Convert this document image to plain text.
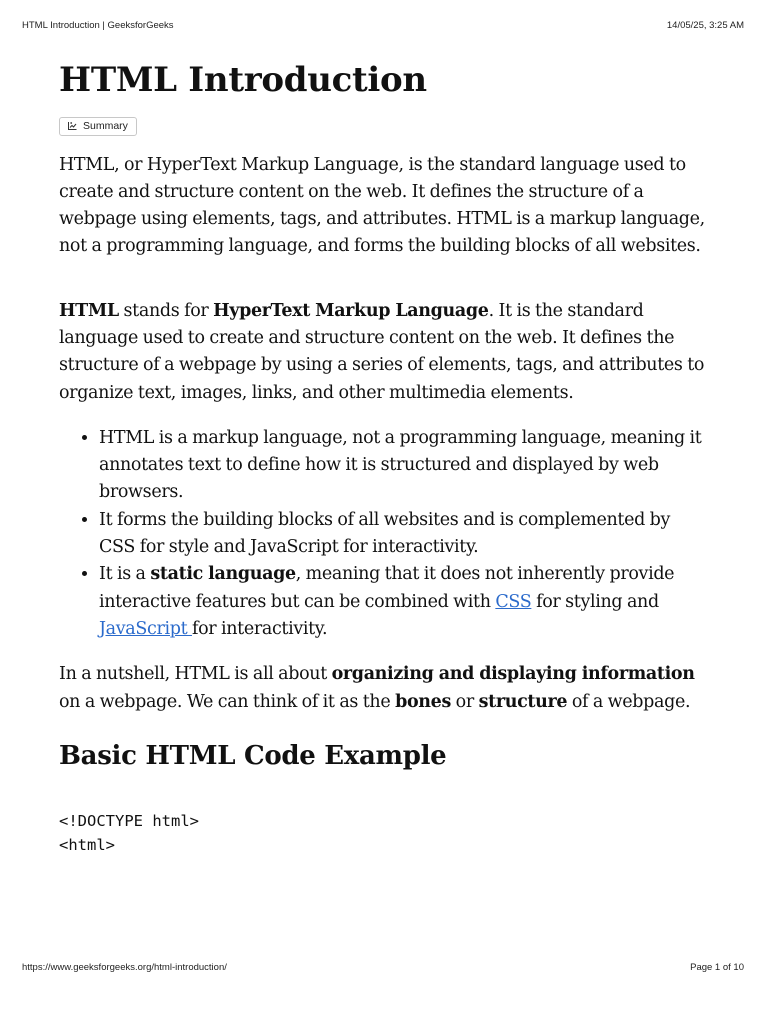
HTML Introduction | GeeksforGeeks	14/05/25, 3:25 AM
HTML Introduction
Summary

HTML, or HyperText Markup Language, is the standard language used to create and structure content on the web. It defines the structure of a webpage using elements, tags, and attributes. HTML is a markup language, not a programming language, and forms the building blocks of all websites.

HTML stands for HyperText Markup Language. It is the standard language used to create and structure content on the web. It defines the structure of a webpage by using a series of elements, tags, and attributes to organize text, images, links, and other multimedia elements.

• HTML is a markup language, not a programming language, meaning it annotates text to define how it is structured and displayed by web browsers.
• It forms the building blocks of all websites and is complemented by CSS for style and JavaScript for interactivity.
• It is a static language, meaning that it does not inherently provide interactive features but can be combined with CSS for styling and JavaScript for interactivity.

In a nutshell, HTML is all about organizing and displaying information on a webpage. We can think of it as the bones or structure of a webpage.

Basic HTML Code Example
<!DOCTYPE html>
<html>
https://www.geeksforgeeks.org/html-introduction/	Page 1 of 10
